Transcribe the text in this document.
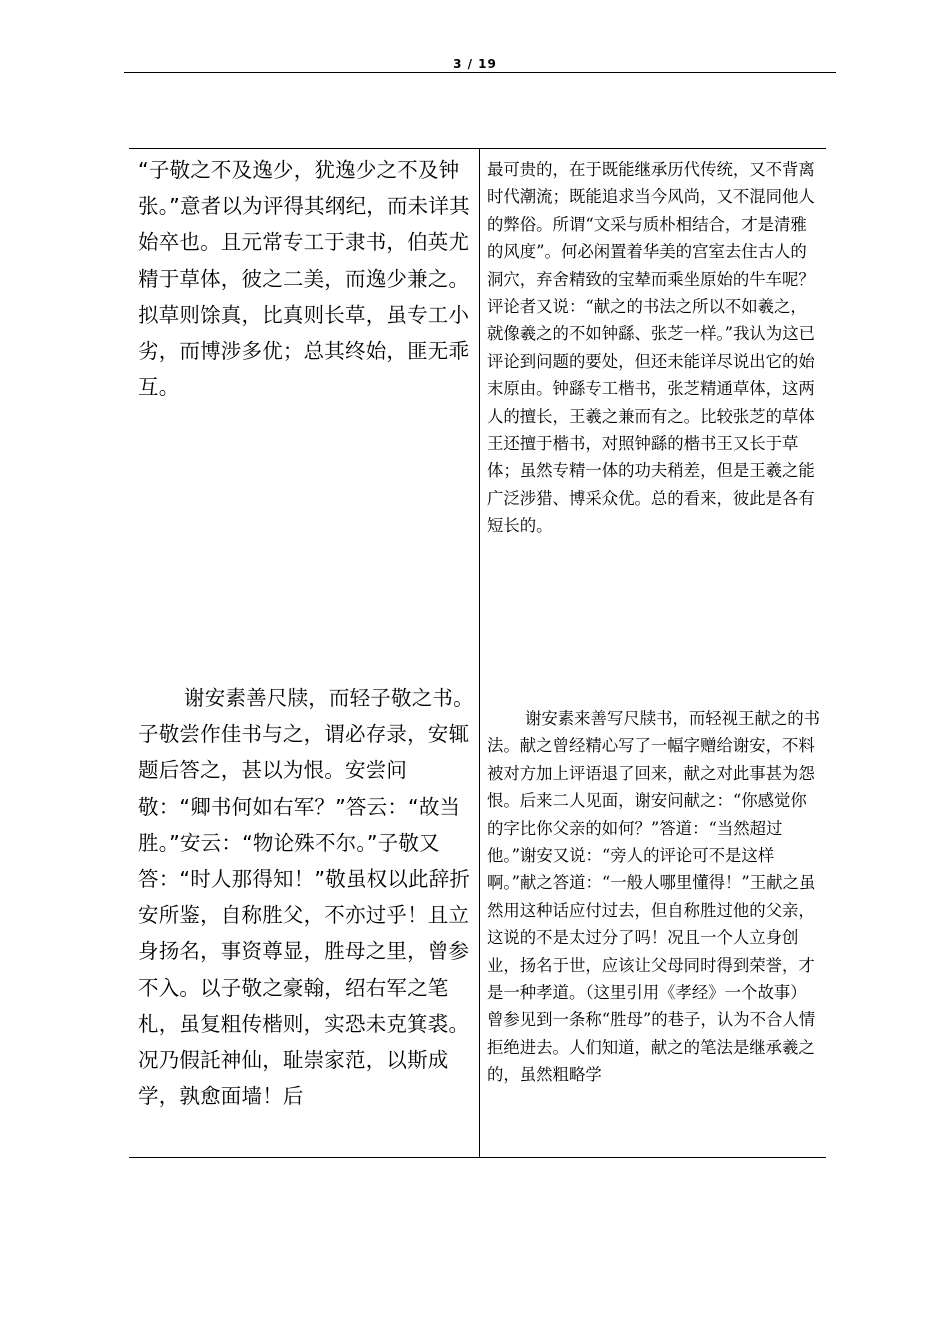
3 / 19

“子敬之不及逸少，犹逸少之不及钟张。”意者以为评得其纲纪，而未详其始卒也。且元常专工于隶书，伯英尤精于草体，彼之二美，而逸少兼之。拟草则馀真，比真则长草，虽专工小劣，而博涉多优；总其终始，匪无乖互。

最可贵的，在于既能继承历代传统，又不背离时代潮流；既能追求当今风尚，又不混同他人的弊俗。所谓“文采与质朴相结合，才是清雅的风度”。何必闲置着华美的宫室去住古人的洞穴，弃舍精致的宝辇而乘坐原始的牛车呢？评论者又说：“献之的书法之所以不如羲之，就像羲之的不如钟繇、张芝一样。”我认为这已评论到问题的要处，但还未能详尽说出它的始末原由。钟繇专工楷书，张芝精通草体，这两人的擅长，王羲之兼而有之。比较张芝的草体王还擅于楷书，对照钟繇的楷书王又长于草体；虽然专精一体的功夫稍差，但是王羲之能广泛涉猎、博采众优。总的看来，彼此是各有短长的。

谢安素善尺牍，而轻子敬之书。子敬尝作佳书与之，谓必存录，安辄题后答之，甚以为恨。安尝问敬：“卿书何如右军？”答云：“故当胜。”安云：“物论殊不尔。”子敬又答：“时人那得知！”敬虽权以此辞折安所鉴，自称胜父，不亦过乎！且立身扬名，事资尊显，胜母之里，曾参不入。以子敬之豪翰，绍右军之笔札，虽复粗传楷则，实恐未克箕裘。况乃假託神仙，耻崇家范，以斯成学，孰愈面墙！后

谢安素来善写尺牍书，而轻视王献之的书法。献之曾经精心写了一幅字赠给谢安，不料被对方加上评语退了回来，献之对此事甚为怨恨。后来二人见面，谢安问献之：“你感觉你的字比你父亲的如何？”答道：“当然超过他。”谢安又说：“旁人的评论可不是这样啊。”献之答道：“一般人哪里懂得！”王献之虽然用这种话应付过去，但自称胜过他的父亲，这说的不是太过分了吗！况且一个人立身创业，扬名于世，应该让父母同时得到荣誉，才是一种孝道。（这里引用《孝经》一个故事）曾参见到一条称“胜母”的巷子，认为不合人情拒绝进去。人们知道，献之的笔法是继承羲之的，虽然粗略学
